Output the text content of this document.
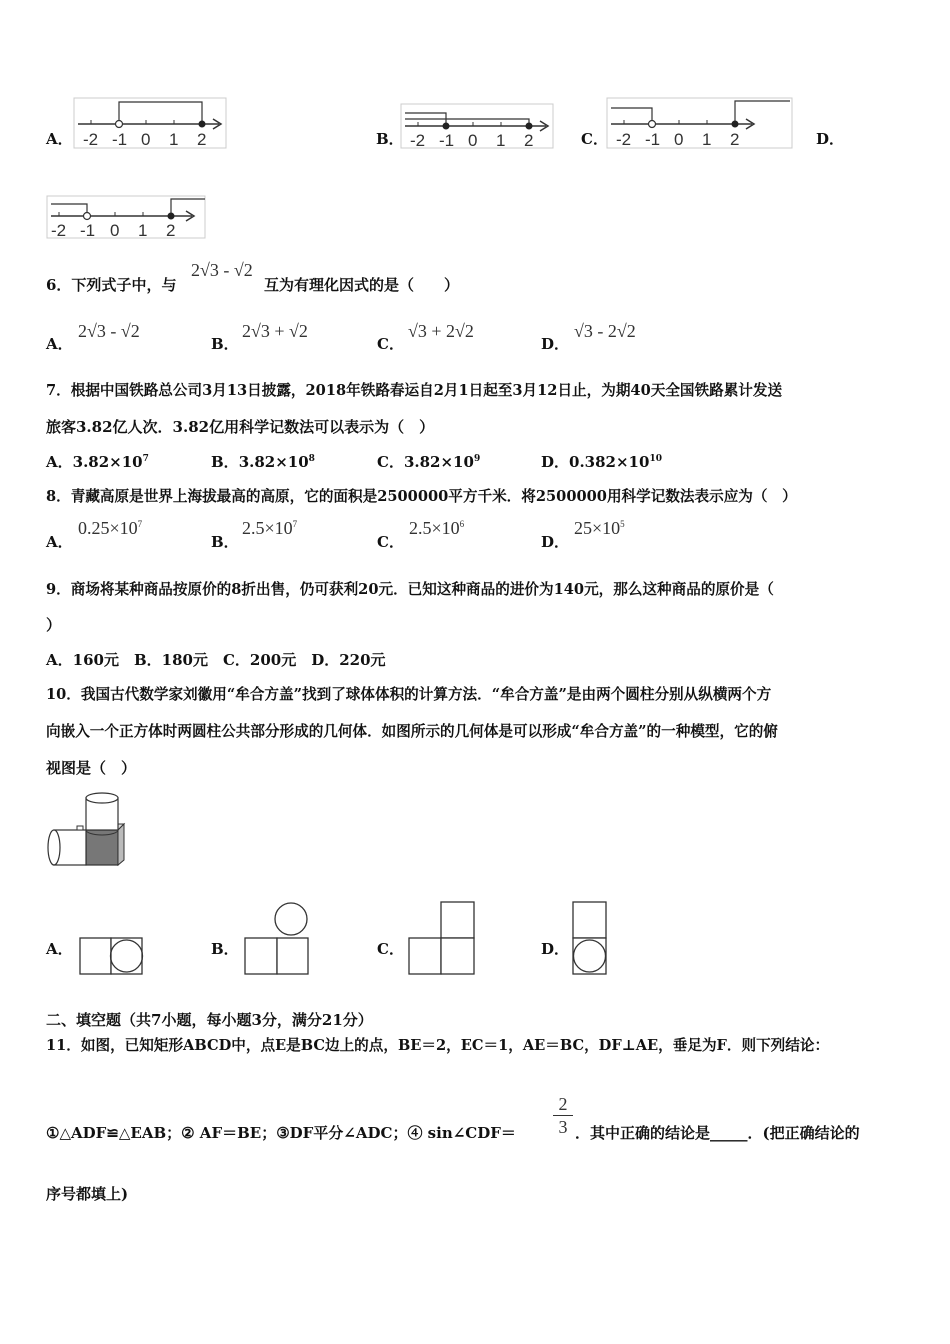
A． -2 -1 0 1 2	B． -2 -1 0 1 2	C． -2 -1 0 1 2	D．
-2 -1 0 1 2
6．下列式子中，与
2√3 - √2
互为有理化因式的是（　　）
A．
2√3 - √2
B．
2√3 + √2
C．
√3 + 2√2
D．
√3 - 2√2
7．根据中国铁路总公司3月13日披露，2018年铁路春运自2月1日起至3月12日止，为期40天全国铁路累计发送
旅客3.82亿人次．3.82亿用科学记数法可以表示为（　）
A．$3.82\times 10^7$	B．$3.82\times 10^8$	C．$3.82\times 10^9$	D．$0.382\times 10^{10}$
8．青藏高原是世界上海拔最高的高原，它的面积是2500000平方千米．将2500000用科学记数法表示应为（　）
A．
$0.25\times 10^7$
B．
$2.5\times 10^7$
C．
$2.5\times 10^6$
D．
$25\times 10^5$
9．商场将某种商品按原价的8折出售，仍可获利20元．已知这种商品的进价为140元，那么这种商品的原价是（
）
A．160元　B．180元　C．200元　D．220元
10．我国古代数学家刘徽用“牟合方盖”找到了球体体积的计算方法．“牟合方盖”是由两个圆柱分别从纵横两个方
向嵌入一个正方体时两圆柱公共部分形成的几何体．如图所示的几何体是可以形成“牟合方盖”的一种模型，它的俯
视图是（　）
A．	B．	C．	D．
二、填空题（共7小题，每小题3分，满分21分）
11．如图，已知矩形ABCD中，点E是BC边上的点，BE＝2，EC＝1，AE＝BC，DF⊥AE，垂足为F．则下列结论：
①△ADF≌△EAB；② AF＝BE；③DF平分∠ADC；④ sin∠CDF＝
2
3 ．其中正确的结论是_____．(把正确结论的
序号都填上)
